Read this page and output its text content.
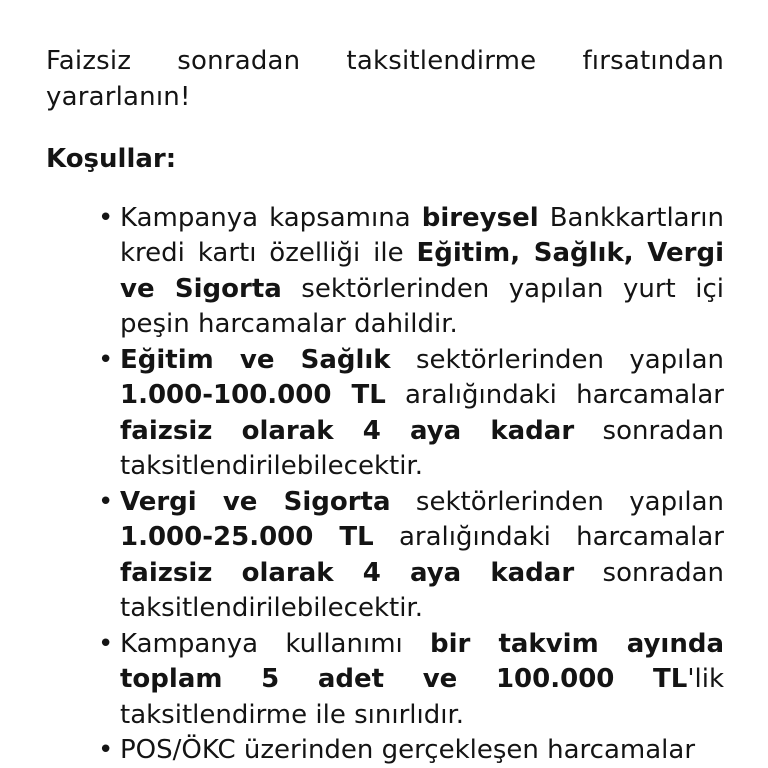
Faizsiz sonradan taksitlendirme fırsatından yararlanın!

Koşullar:
• Kampanya kapsamına bireysel Bankkartların kredi kartı özelliği ile Eğitim, Sağlık, Vergi ve Sigorta sektörlerinden yapılan yurt içi peşin harcamalar dahildir.
• Eğitim ve Sağlık sektörlerinden yapılan 1.000-100.000 TL aralığındaki harcamalar faizsiz olarak 4 aya kadar sonradan taksitlendirilebilecektir.
• Vergi ve Sigorta sektörlerinden yapılan 1.000-25.000 TL aralığındaki harcamalar faizsiz olarak 4 aya kadar sonradan taksitlendirilebilecektir.
• Kampanya kullanımı bir takvim ayında toplam 5 adet ve 100.000 TL'lik taksitlendirme ile sınırlıdır.
• POS/ÖKC üzerinden gerçekleşen harcamalar
